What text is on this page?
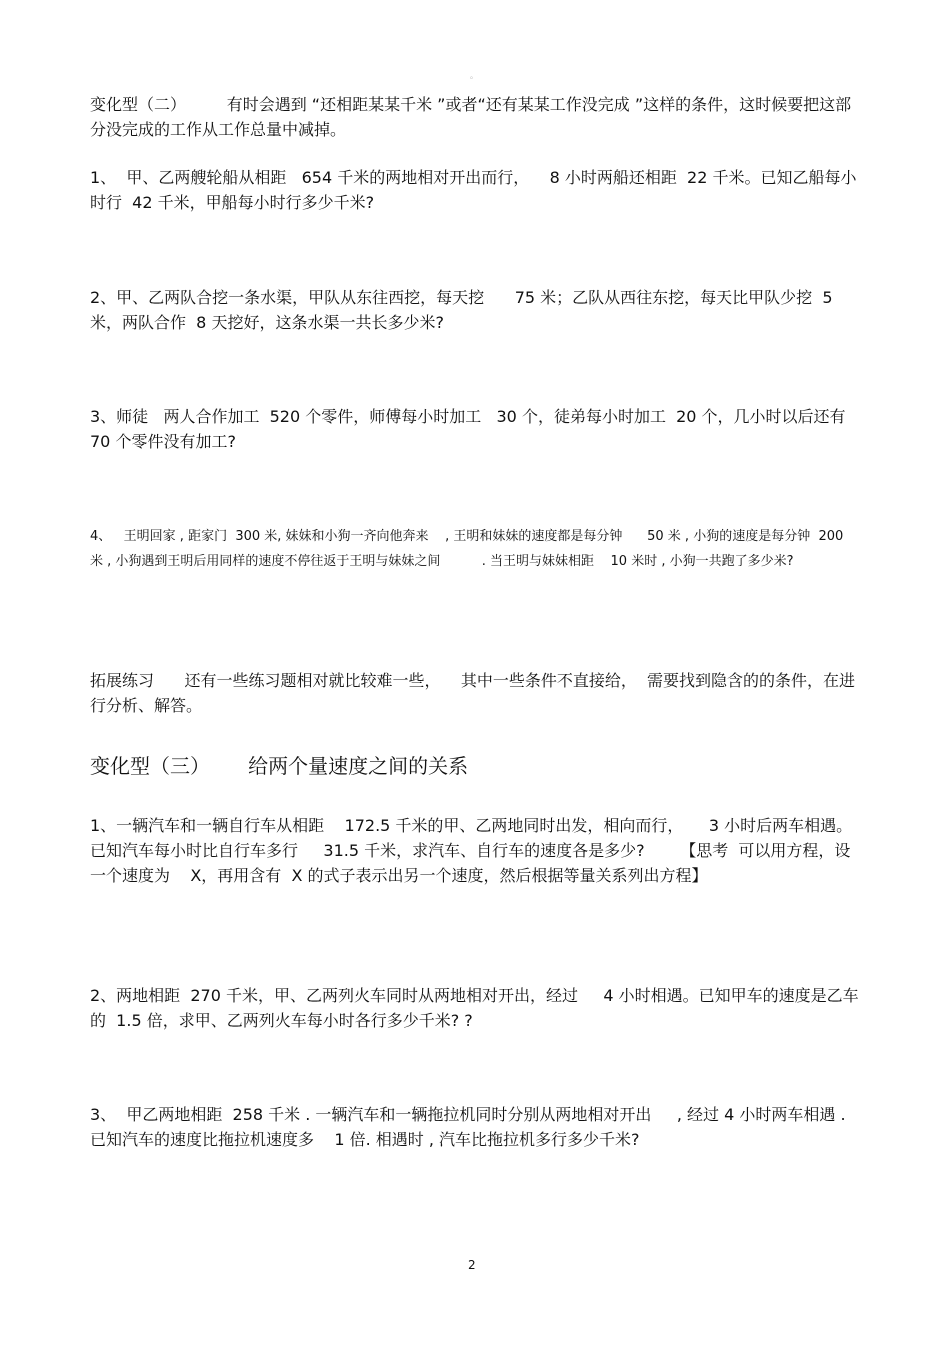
。

变化型（二）        有时会遇到 “还相距某某千米 ”或者“还有某某工作没完成 ”这样的条件，这时候要把这部分没完成的工作从工作总量中减掉。

1、  甲、乙两艘轮船从相距   654 千米的两地相对开出而行，    8 小时两船还相距  22 千米。已知乙船每小时行  42 千米，甲船每小时行多少千米?

2、甲、乙两队合挖一条水渠，甲队从东往西挖，每天挖      75 米；乙队从西往东挖，每天比甲队少挖  5 米，两队合作  8 天挖好，这条水渠一共长多少米?

3、师徒   两人合作加工  520 个零件，师傅每小时加工   30 个，徒弟每小时加工  20 个，几小时以后还有  70 个零件没有加工?

4、   王明回家 , 距家门  300 米, 妹妹和小狗一齐向他奔来    , 王明和妹妹的速度都是每分钟      50 米 , 小狗的速度是每分钟  200 米 , 小狗遇到王明后用同样的速度不停往返于王明与妹妹之间          . 当王明与妹妹相距    10 米时 , 小狗一共跑了多少米?

拓展练习      还有一些练习题相对就比较难一些，    其中一些条件不直接给，  需要找到隐含的的条件，在进行分析、解答。

变化型（三）      给两个量速度之间的关系

1、一辆汽车和一辆自行车从相距    172.5 千米的甲、乙两地同时出发，相向而行，     3 小时后两车相遇。已知汽车每小时比自行车多行     31.5 千米，求汽车、自行车的速度各是多少?       【思考  可以用方程，设一个速度为    X，再用含有  X 的式子表示出另一个速度，然后根据等量关系列出方程】

2、两地相距  270 千米，甲、乙两列火车同时从两地相对开出，经过     4 小时相遇。已知甲车的速度是乙车的  1.5 倍，求甲、乙两列火车每小时各行多少千米? ?

3、  甲乙两地相距  258 千米 . 一辆汽车和一辆拖拉机同时分别从两地相对开出     , 经过 4 小时两车相遇 . 已知汽车的速度比拖拉机速度多    1 倍. 相遇时 , 汽车比拖拉机多行多少千米?

2
